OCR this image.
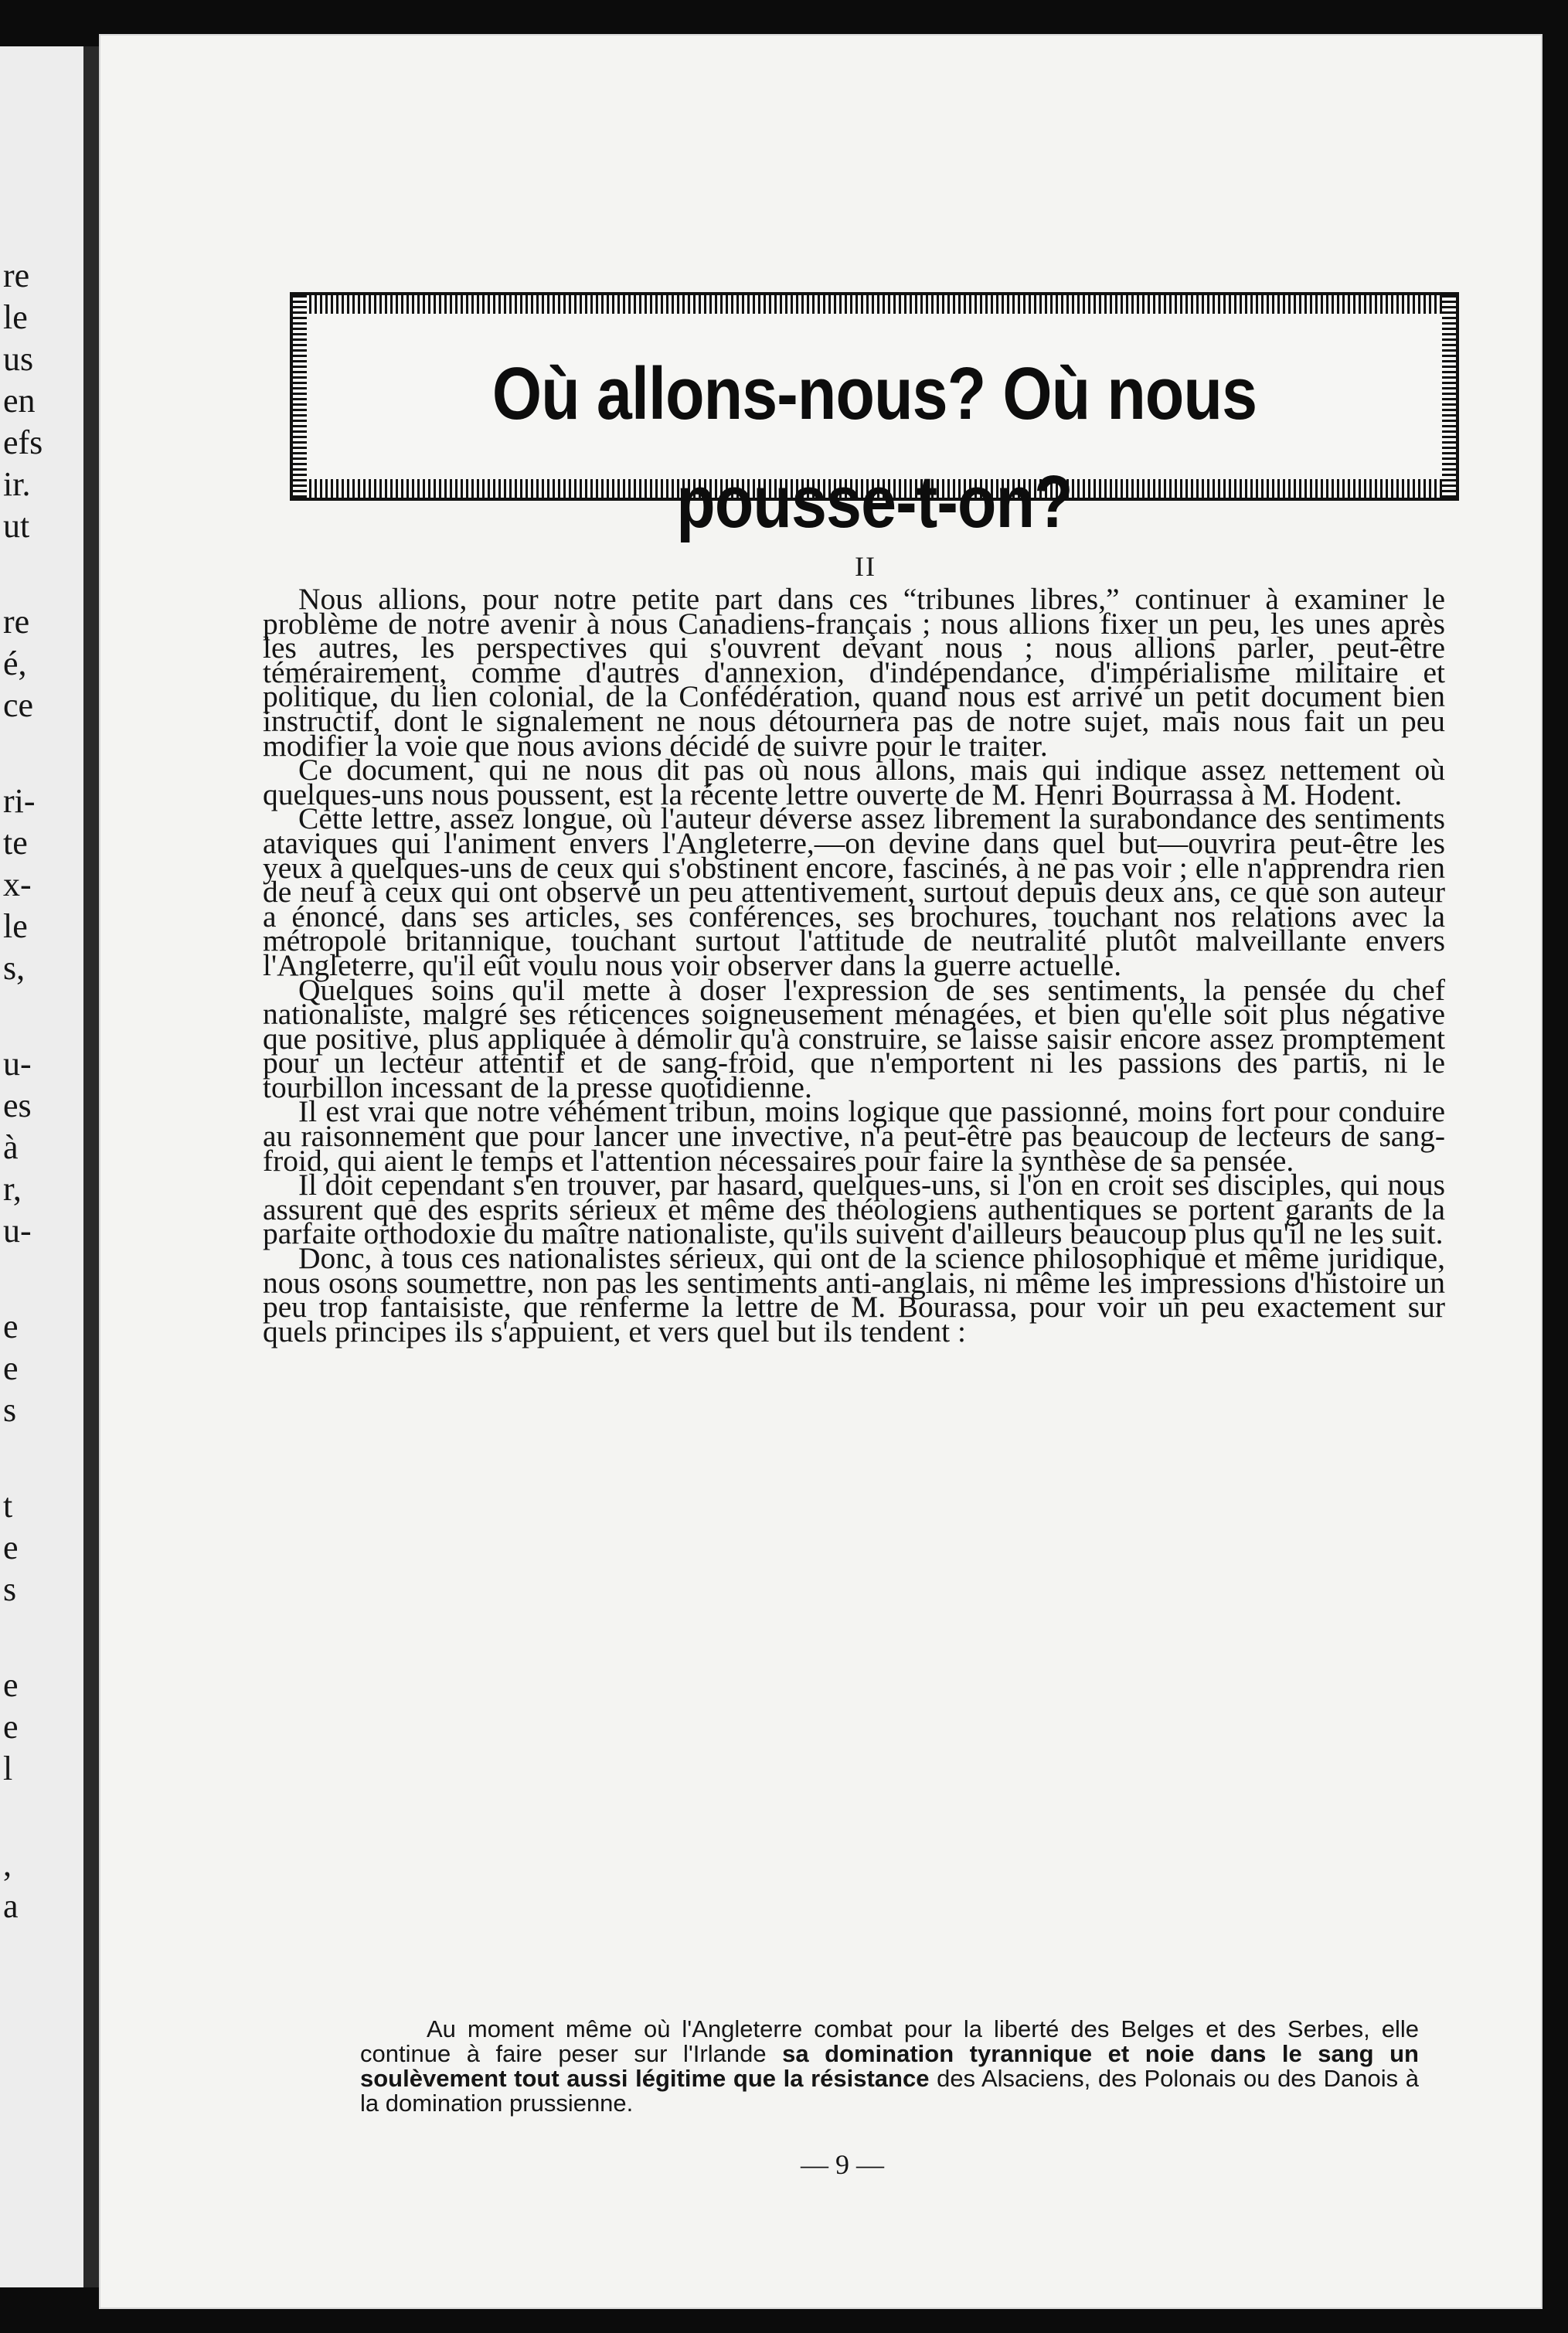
re
le
us
en
efs
ir.
ut
re
é,
ce
ri-
te
x-
le
s,
u-
es
à
r,
u-
e
e
s
t
e
s
e
e
l
,
a
Où allons-nous? Où nous pousse-t-on?
II

Nous allions, pour notre petite part dans ces “tribunes libres,” continuer à examiner le problème de notre avenir à nous Canadiens-français ; nous allions fixer un peu, les unes après les autres, les perspectives qui s'ouvrent devant nous ; nous allions parler, peut-être témérairement, comme d'autres d'annexion, d'indépendance, d'impérialisme militaire et politique, du lien colonial, de la Confédération, quand nous est arrivé un petit document bien instructif, dont le signalement ne nous détournera pas de notre sujet, mais nous fait un peu modifier la voie que nous avions décidé de suivre pour le traiter.

Ce document, qui ne nous dit pas où nous allons, mais qui indique assez nettement où quelques-uns nous poussent, est la récente lettre ouverte de M. Henri Bourrassa à M. Hodent.

Cette lettre, assez longue, où l'auteur déverse assez librement la surabondance des sentiments ataviques qui l'animent envers l'Angleterre,—on devine dans quel but—ouvrira peut-être les yeux à quelques-uns de ceux qui s'obstinent encore, fascinés, à ne pas voir ; elle n'apprendra rien de neuf à ceux qui ont observé un peu attentivement, surtout depuis deux ans, ce que son auteur a énoncé, dans ses articles, ses conférences, ses brochures, touchant nos relations avec la métropole britannique, touchant surtout l'attitude de neutralité plutôt malveillante envers l'Angleterre, qu'il eût voulu nous voir observer dans la guerre actuelle.

Quelques soins qu'il mette à doser l'expression de ses sentiments, la pensée du chef nationaliste, malgré ses réticences soigneusement ménagées, et bien qu'elle soit plus négative que positive, plus appliquée à démolir qu'à construire, se laisse saisir encore assez promptement pour un lecteur attentif et de sang-froid, que n'emportent ni les passions des partis, ni le tourbillon incessant de la presse quotidienne.

Il est vrai que notre véhément tribun, moins logique que passionné, moins fort pour conduire au raisonnement que pour lancer une invective, n'a peut-être pas beaucoup de lecteurs de sang-froid, qui aient le temps et l'attention nécessaires pour faire la synthèse de sa pensée.

Il doit cependant s'en trouver, par hasard, quelques-uns, si l'on en croit ses disciples, qui nous assurent que des esprits sérieux et même des théologiens authentiques se portent garants de la parfaite orthodoxie du maître nationaliste, qu'ils suivent d'ailleurs beaucoup plus qu'il ne les suit.

Donc, à tous ces nationalistes sérieux, qui ont de la science philosophique et même juridique, nous osons soumettre, non pas les sentiments anti-anglais, ni même les impressions d'histoire un peu trop fantaisiste, que renferme la lettre de M. Bourassa, pour voir un peu exactement sur quels principes ils s'appuient, et vers quel but ils tendent :

Au moment même où l'Angleterre combat pour la liberté des Belges et des Serbes, elle continue à faire peser sur l'Irlande sa domination tyrannique et noie dans le sang un soulèvement tout aussi légitime que la résistance des Alsaciens, des Polonais ou des Danois à la domination prussienne.
— 9 —
